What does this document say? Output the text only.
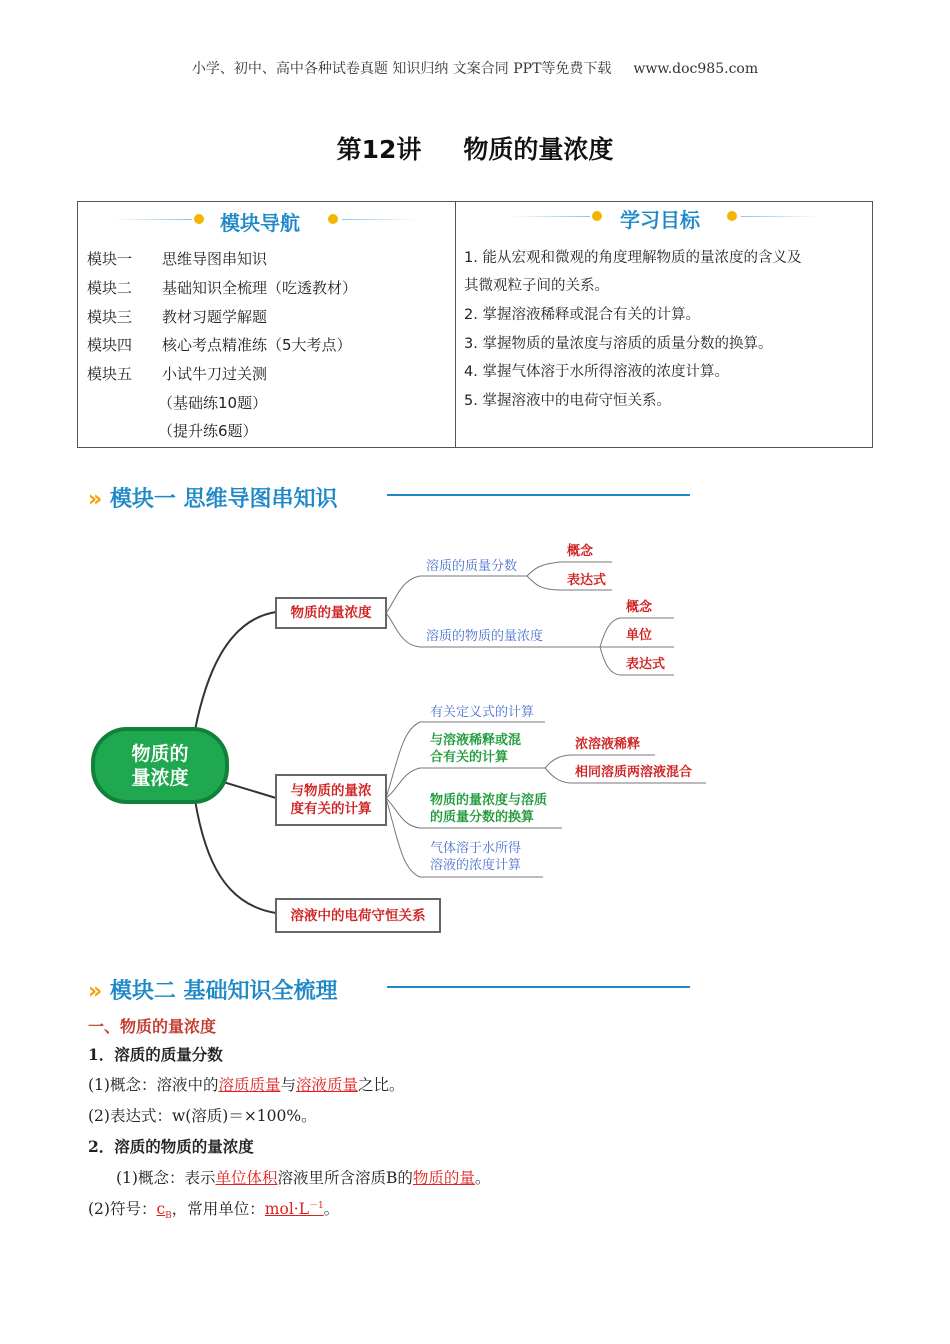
小学、初中、高中各种试卷真题 知识归纳 文案合同 PPT等免费下载 www.doc985.com
第12讲 物质的量浓度
模块导航
模块一 思维导图串知识
模块二 基础知识全梳理（吃透教材）
模块三 教材习题学解题
模块四 核心考点精准练（5大考点）
模块五 小试牛刀过关测
（基础练10题）
（提升练6题）
学习目标
1. 能从宏观和微观的角度理解物质的量浓度的含义及
其微观粒子间的关系。
2. 掌握溶液稀释或混合有关的计算。
3. 掌握物质的量浓度与溶质的质量分数的换算。
4. 掌握气体溶于水所得溶液的浓度计算。
5. 掌握溶液中的电荷守恒关系。
» 模块一 思维导图串知识
物质的
量浓度
物质的量浓度
与物质的量浓
度有关的计算
溶液中的电荷守恒关系
溶质的质量分数
概念
表达式
溶质的物质的量浓度
概念
单位
表达式
有关定义式的计算
与溶液稀释或混
合有关的计算
浓溶液稀释
相同溶质两溶液混合
物质的量浓度与溶质
的质量分数的换算
气体溶于水所得
溶液的浓度计算
» 模块二 基础知识全梳理
一、物质的量浓度
1．溶质的质量分数
(1)概念：溶液中的溶质质量与溶液质量之比。
(2)表达式：w(溶质)＝×100%。
2．溶质的物质的量浓度
(1)概念：表示单位体积溶液里所含溶质B的物质的量。
(2)符号：$c_B$，常用单位：$mol\cdot L^{-1}$。
